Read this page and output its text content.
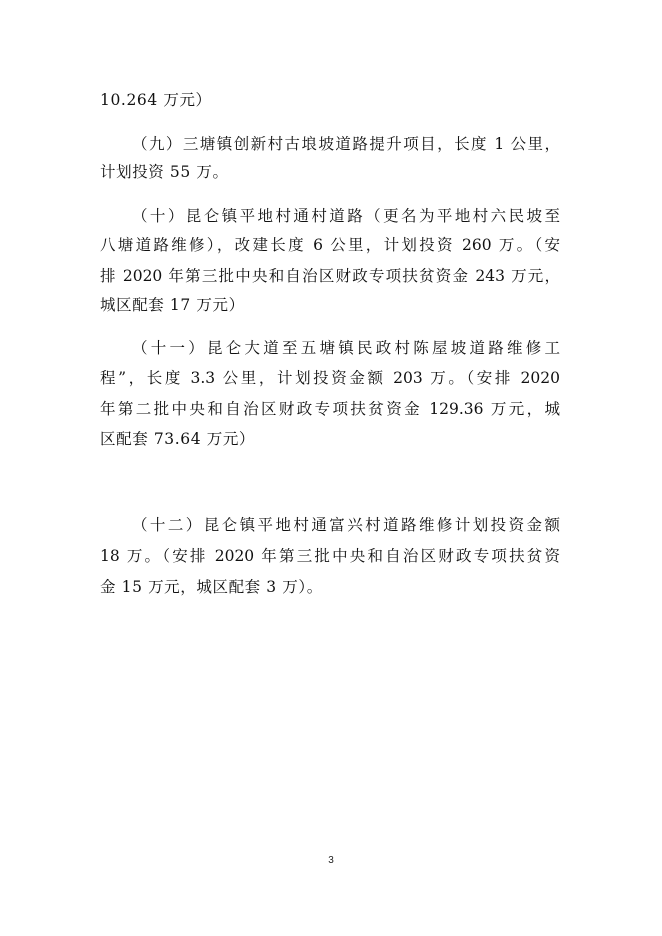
10.264 万元）
（九）三塘镇创新村古埌坡道路提升项目，长度 1 公里，
计划投资 55 万。
（十）昆仑镇平地村通村道路（更名为平地村六民坡至
八塘道路维修），改建长度 6 公里，计划投资 260 万。（安
排 2020 年第三批中央和自治区财政专项扶贫资金 243 万元，
城区配套 17 万元）
（十一）昆仑大道至五塘镇民政村陈屋坡道路维修工
程”，长度 3.3 公里，计划投资金额 203 万。（安排 2020
年第二批中央和自治区财政专项扶贫资金 129.36 万元，城
区配套 73.64 万元）
（十二）昆仑镇平地村通富兴村道路维修计划投资金额
18 万。（安排 2020 年第三批中央和自治区财政专项扶贫资
金 15 万元，城区配套 3 万）。
3
